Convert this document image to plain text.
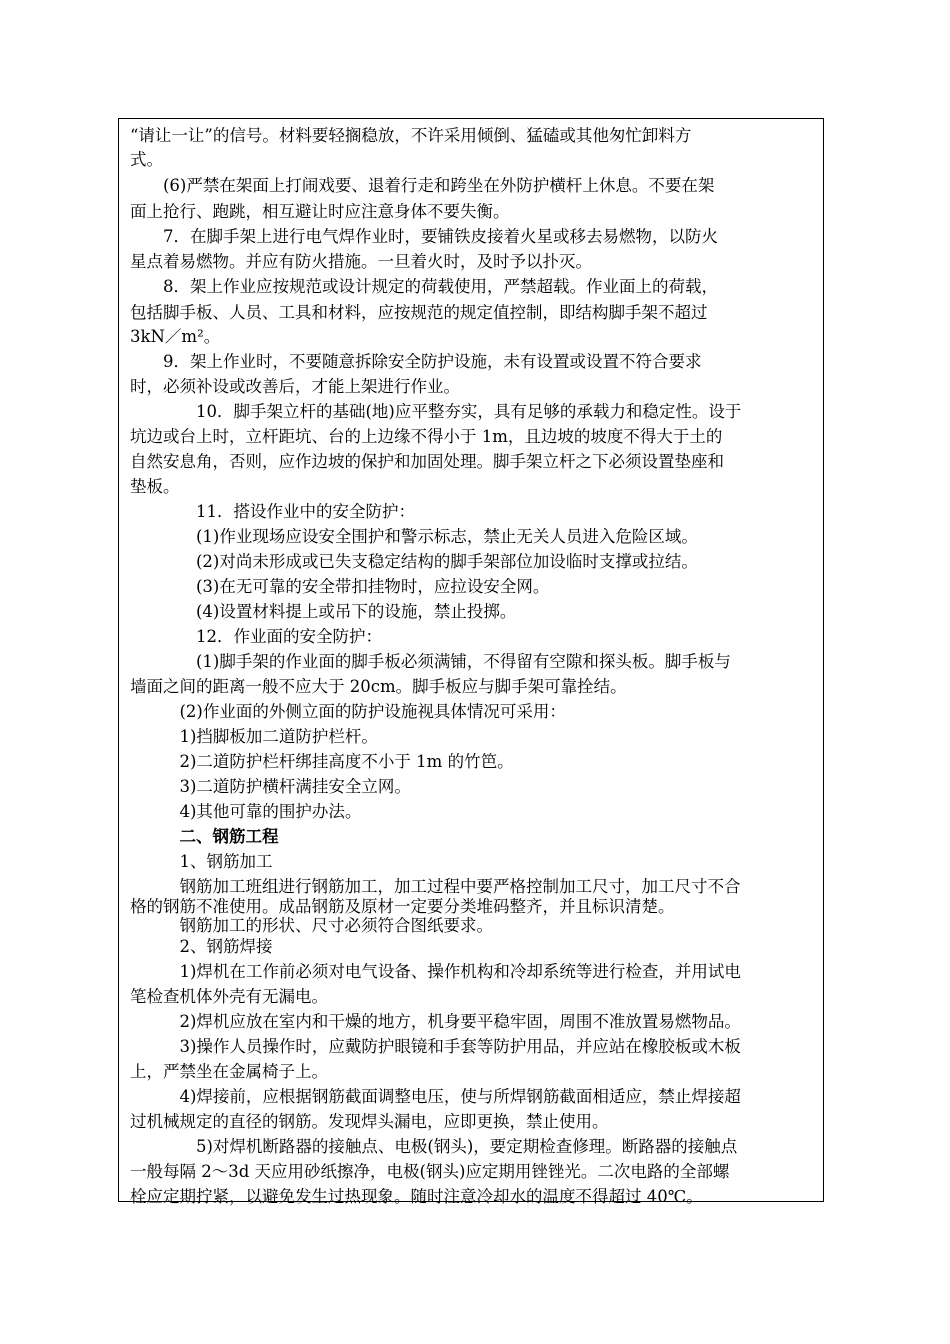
“请让一让”的信号。材料要轻搁稳放，不许采用倾倒、猛磕或其他匆忙卸料方
式。
(6)严禁在架面上打闹戏要、退着行走和跨坐在外防护横杆上休息。不要在架
面上抢行、跑跳，相互避让时应注意身体不要失衡。
7．在脚手架上进行电气焊作业时，要铺铁皮接着火星或移去易燃物，以防火
星点着易燃物。并应有防火措施。一旦着火时，及时予以扑灭。
8．架上作业应按规范或设计规定的荷载使用，严禁超载。作业面上的荷载，
包括脚手板、人员、工具和材料，应按规范的规定值控制，即结构脚手架不超过
3kN／m²。
9．架上作业时，不要随意拆除安全防护设施，未有设置或设置不符合要求
时，必须补设或改善后，才能上架进行作业。
10．脚手架立杆的基础(地)应平整夯实，具有足够的承载力和稳定性。设于
坑边或台上时，立杆距坑、台的上边缘不得小于 1m，且边坡的坡度不得大于土的
自然安息角，否则，应作边坡的保护和加固处理。脚手架立杆之下必须设置垫座和
垫板。
11．搭设作业中的安全防护：
(1)作业现场应设安全围护和警示标志，禁止无关人员进入危险区域。
(2)对尚未形成或已失支稳定结构的脚手架部位加设临时支撑或拉结。
(3)在无可靠的安全带扣挂物时，应拉设安全网。
(4)设置材料提上或吊下的设施，禁止投掷。
12．作业面的安全防护：
(1)脚手架的作业面的脚手板必须满铺，不得留有空隙和探头板。脚手板与
墙面之间的距离一般不应大于 20cm。脚手板应与脚手架可靠拴结。
(2)作业面的外侧立面的防护设施视具体情况可采用：
1)挡脚板加二道防护栏杆。
2)二道防护栏杆绑挂高度不小于 1m 的竹笆。
3)二道防护横杆满挂安全立网。
4)其他可靠的围护办法。
二、钢筋工程
1、钢筋加工
钢筋加工班组进行钢筋加工，加工过程中要严格控制加工尺寸，加工尺寸不合
格的钢筋不准使用。成品钢筋及原材一定要分类堆码整齐，并且标识清楚。
钢筋加工的形状、尺寸必须符合图纸要求。
2、钢筋焊接
1)焊机在工作前必须对电气设备、操作机构和冷却系统等进行检查，并用试电
笔检查机体外壳有无漏电。
2)焊机应放在室内和干燥的地方，机身要平稳牢固，周围不准放置易燃物品。
3)操作人员操作时，应戴防护眼镜和手套等防护用品，并应站在橡胶板或木板
上，严禁坐在金属椅子上。
4)焊接前，应根据钢筋截面调整电压，使与所焊钢筋截面相适应，禁止焊接超
过机械规定的直径的钢筋。发现焊头漏电，应即更换，禁止使用。
5)对焊机断路器的接触点、电极(钢头)，要定期检查修理。断路器的接触点
一般每隔 2～3d 天应用砂纸擦净，电极(钢头)应定期用锉锉光。二次电路的全部螺
栓应定期拧紧，以避免发生过热现象。随时注意冷却水的温度不得超过 40℃。
